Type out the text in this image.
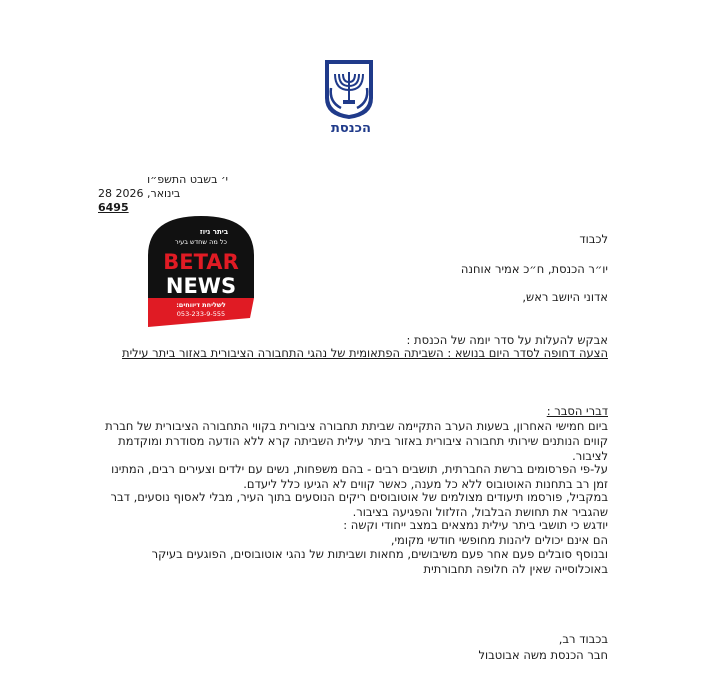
הכנסת
י׳ בשבט התשפ״ו
28 בינואר, 2026
6495
ביתר ניוז
כל מה שחדש בעיר
BETAR
NEWS
לשליחת דיווחים:
053-233-9-555
לכבוד
יו״ר הכנסת, ח״כ אמיר אוחנה
אדוני היושב ראש,
אבקש להעלות על סדר יומה של הכנסת :
הצעה דחופה לסדר היום בנושא : השביתה הפתאומית של נהגי התחבורה הציבורית באזור ביתר עילית
דברי הסבר :
ביום חמישי האחרון, בשעות הערב התקיימה שביתת תחבורה ציבורית בקווי התחבורה הציבורית של חברת קווים הנותנים שירותי תחבורה ציבורית באזור ביתר עילית השביתה קרא ללא הודעה מסודרת ומוקדמת לציבור.
על-פי הפרסומים ברשת החברתית, תושבים רבים - בהם משפחות, נשים עם ילדים וצעירים רבים, המתינו זמן רב בתחנות האוטובוס ללא כל מענה, כאשר קווים לא הגיעו כלל ליעדם.
במקביל, פורסמו תיעודים מצולמים של אוטובוסים ריקים הנוסעים בתוך העיר, מבלי לאסוף נוסעים, דבר שהגביר את תחושת הבלבול, הזלזול והפגיעה בציבור.
יודגש כי תושבי ביתר עילית נמצאים במצב ייחודי וקשה :
הם אינם יכולים ליהנות מחופשי חודשי מקומי,
ובנוסף סובלים פעם אחר פעם משיבושים, מחאות ושביתות של נהגי אוטובוסים, הפוגעים בעיקר באוכלוסייה שאין לה חלופה תחבורתית
בכבוד רב,
חבר הכנסת משה אבוטבול
